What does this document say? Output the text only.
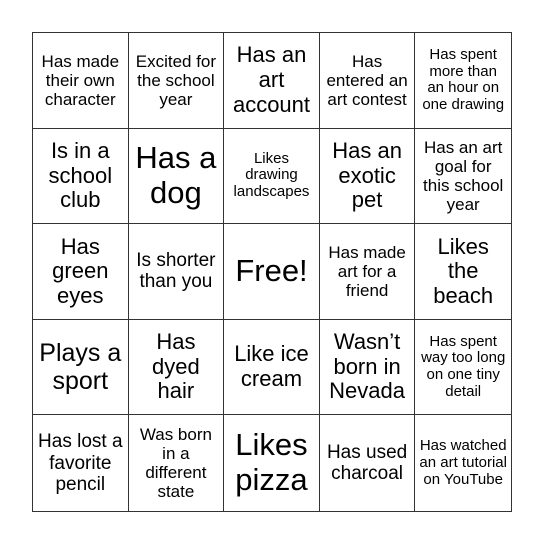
Has made their own character
Excited for the school year
Has an art account
Has entered an art contest
Has spent more than an hour on one drawing
Is in a school club
Has a dog
Likes drawing landscapes
Has an exotic pet
Has an art goal for this school year
Has green eyes
Is shorter than you Free!
Has made art for a friend
Likes the beach
Plays a sport
Has dyed hair
Like ice cream
Wasn’t born in Nevada
Has spent way too long on one tiny detail
Has lost a favorite pencil
Was born in a different state
Likes pizza
Has used charcoal
Has watched an art tutorial on YouTube
